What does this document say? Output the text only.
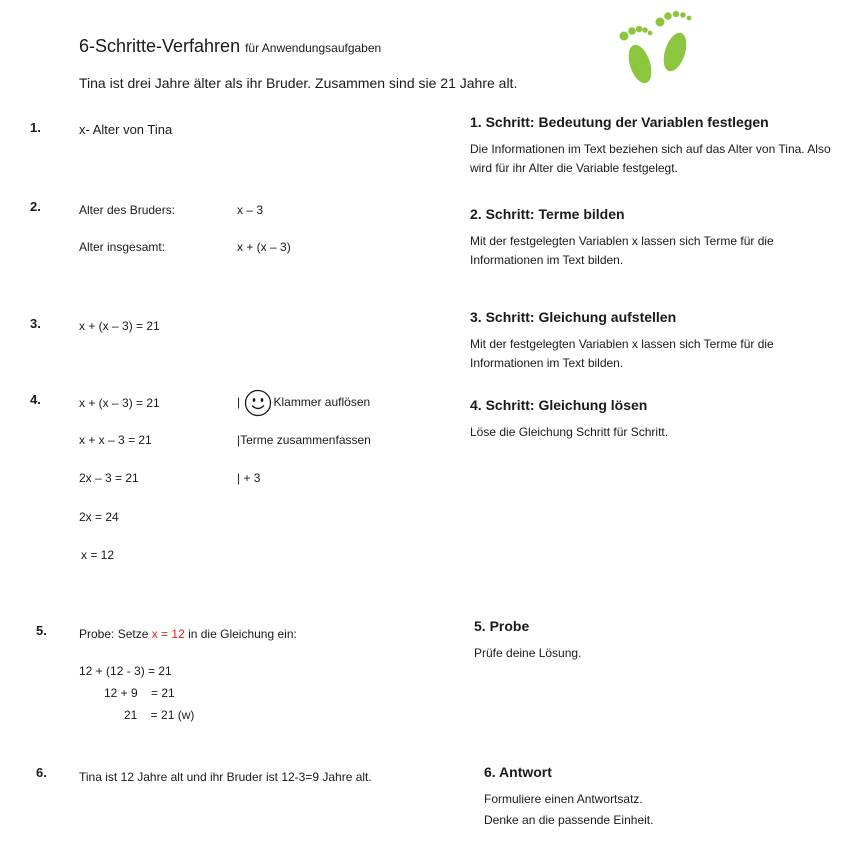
6-Schritte-Verfahren für Anwendungsaufgaben
Tina ist drei Jahre älter als ihr Bruder. Zusammen sind sie 21 Jahre alt.
1.	x- Alter von Tina
2.	Alter des Bruders:	x – 3
Alter insgesamt:	x + (x – 3)
3.	x + (x – 3) = 21
4.	x + (x – 3) = 21	|	Klammer auflösen
x + x – 3 = 21	|Terme zusammenfassen
2x – 3 = 21	| + 3
2x = 24
x = 12
5.	Probe: Setze x = 12 in die Gleichung ein:
12 + (12 - 3) = 21
12 + 9    = 21
21    = 21 (w)
6.	Tina ist 12 Jahre alt und ihr Bruder ist 12-3=9 Jahre alt.
1. Schritt: Bedeutung der Variablen festlegen
Die Informationen im Text beziehen sich auf das Alter von Tina. Also wird für ihr Alter die Variable festgelegt.
2. Schritt: Terme bilden
Mit der festgelegten Variablen x lassen sich Terme für die Informationen im Text bilden.
3. Schritt: Gleichung aufstellen
Mit der festgelegten Variablen x lassen sich Terme für die Informationen im Text bilden.
4. Schritt: Gleichung lösen
Löse die Gleichung Schritt für Schritt.
5. Probe
Prüfe deine Lösung.
6. Antwort
Formuliere einen Antwortsatz.
Denke an die passende Einheit.
